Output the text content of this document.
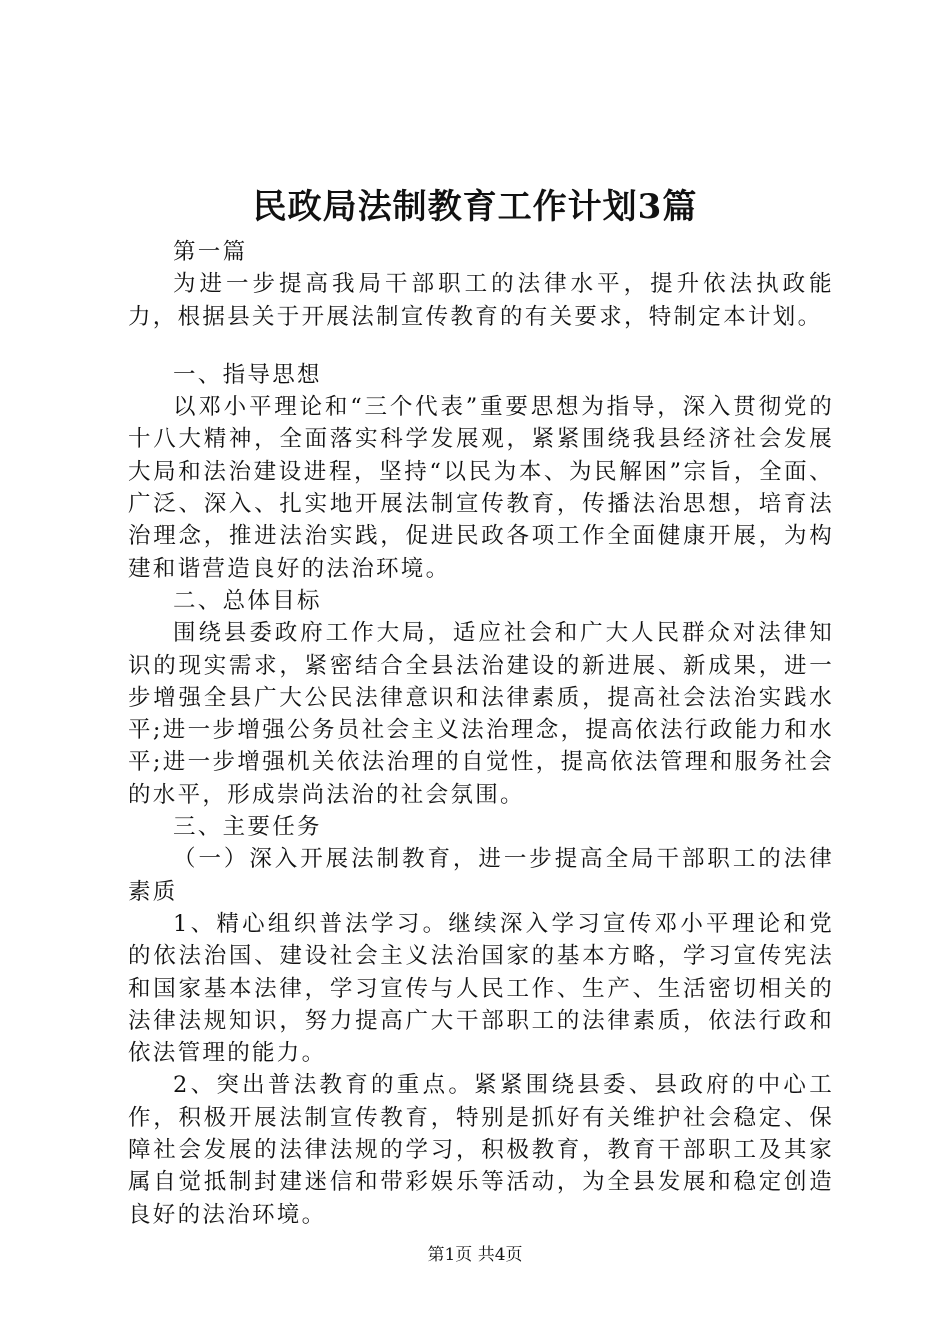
民政局法制教育工作计划3篇

第一篇

为进一步提高我局干部职工的法律水平，提升依法执政能力，根据县关于开展法制宣传教育的有关要求，特制定本计划。

一、指导思想

以邓小平理论和“三个代表”重要思想为指导，深入贯彻党的十八大精神，全面落实科学发展观，紧紧围绕我县经济社会发展大局和法治建设进程，坚持“以民为本、为民解困”宗旨，全面、广泛、深入、扎实地开展法制宣传教育，传播法治思想，培育法治理念，推进法治实践，促进民政各项工作全面健康开展，为构建和谐营造良好的法治环境。

二、总体目标

围绕县委政府工作大局，适应社会和广大人民群众对法律知识的现实需求，紧密结合全县法治建设的新进展、新成果，进一步增强全县广大公民法律意识和法律素质，提高社会法治实践水平;进一步增强公务员社会主义法治理念，提高依法行政能力和水平;进一步增强机关依法治理的自觉性，提高依法管理和服务社会的水平，形成崇尚法治的社会氛围。

三、主要任务

（一）深入开展法制教育，进一步提高全局干部职工的法律素质

1、精心组织普法学习。继续深入学习宣传邓小平理论和党的依法治国、建设社会主义法治国家的基本方略，学习宣传宪法和国家基本法律，学习宣传与人民工作、生产、生活密切相关的法律法规知识，努力提高广大干部职工的法律素质，依法行政和依法管理的能力。

2、突出普法教育的重点。紧紧围绕县委、县政府的中心工作，积极开展法制宣传教育，特别是抓好有关维护社会稳定、保障社会发展的法律法规的学习，积极教育，教育干部职工及其家属自觉抵制封建迷信和带彩娱乐等活动，为全县发展和稳定创造良好的法治环境。

第1页 共4页
